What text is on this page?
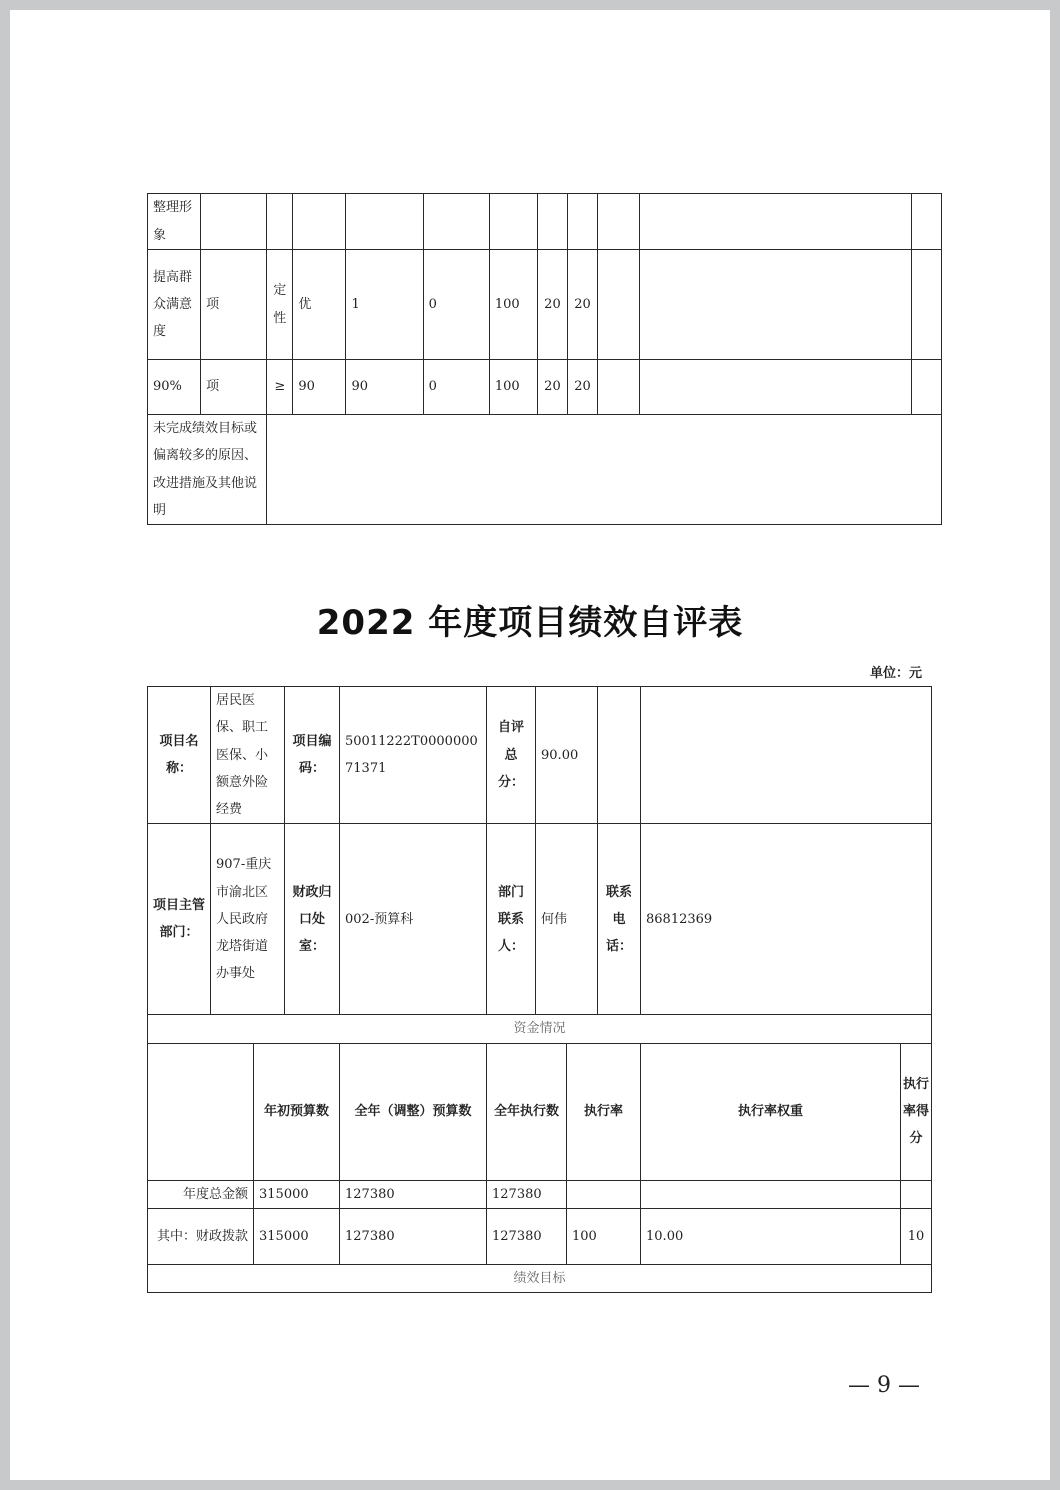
整理形象											
提高群众满意度	项	定性	优	1	0	100	20	20			
90%	项	≥	90	90	0	100	20	20			
未完成绩效目标或偏离较多的原因、改进措施及其他说明											
2022 年度项目绩效自评表
单位：元
项目名称：	居民医保、职工医保、小额意外险经费		项目编码：	50011222T000000071371	自评总分：	90.00				
项目主管部门：	907-重庆市渝北区人民政府龙塔街道办事处		财政归口处室：	002-预算科	部门联系人：	何伟		联系电话：	86812369	
资金情况										
		年初预算数		全年（调整）预算数	全年执行数		执行率		执行率权重	执行率得分
年度总金额		315000		127380	127380					
其中：财政拨款		315000		127380	127380		100		10.00	10
绩效目标										
— 9 —
